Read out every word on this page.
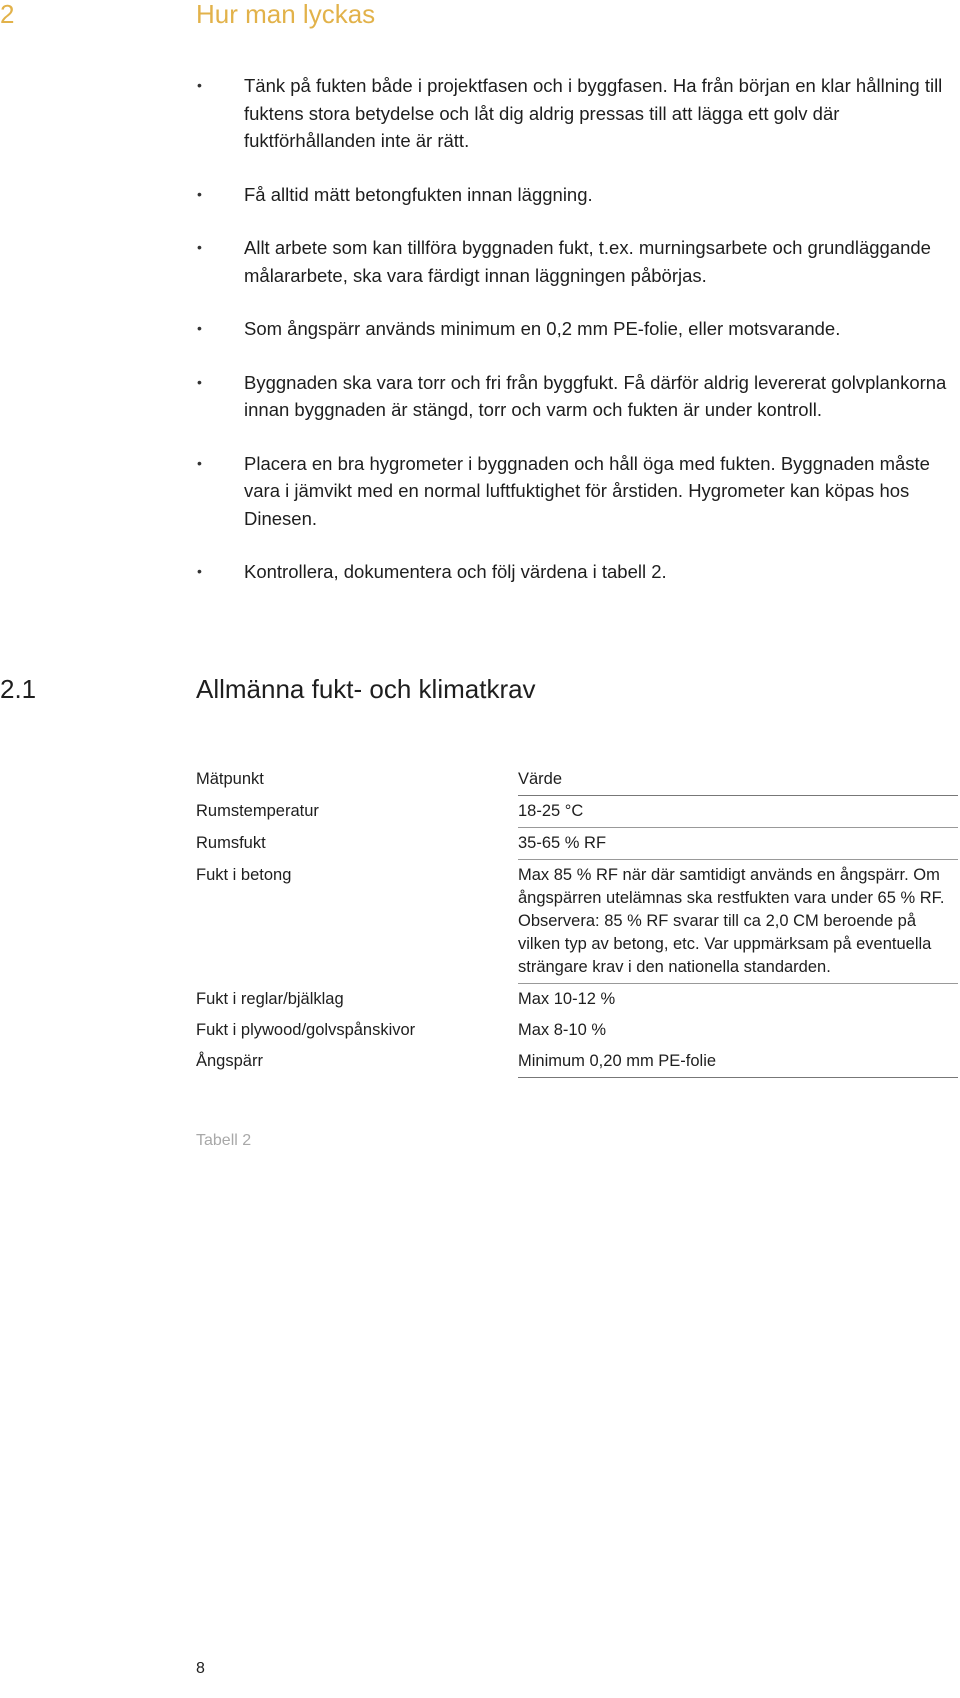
2	Hur man lyckas
• Tänk på fukten både i projektfasen och i byggfasen. Ha från början en klar hållning till fuktens stora betydelse och låt dig aldrig pressas till att lägga ett golv där fuktförhållanden inte är rätt.
• Få alltid mätt betongfukten innan läggning.
• Allt arbete som kan tillföra byggnaden fukt, t.ex. murningsarbete och grundläggande målararbete, ska vara färdigt innan läggningen påbörjas.
• Som ångspärr används minimum en 0,2 mm PE-folie, eller motsvarande.
• Byggnaden ska vara torr och fri från byggfukt. Få därför aldrig levererat golvplankorna innan byggnaden är stängd, torr och varm och fukten är under kontroll.
• Placera en bra hygrometer i byggnaden och håll öga med fukten. Byggnaden måste vara i jämvikt med en normal luftfuktighet för årstiden. Hygrometer kan köpas hos Dinesen.
• Kontrollera, dokumentera och följ värdena i tabell 2.
2.1	Allmänna fukt- och klimatkrav
Mätpunkt	Värde
Rumstemperatur	18-25 °C
Rumsfukt	35-65 % RF
Fukt i betong	Max 85 % RF när där samtidigt används en ångspärr. Om ångspärren utelämnas ska restfukten vara under 65 % RF. Observera: 85 % RF svarar till ca 2,0 CM beroende på vilken typ av betong, etc. Var uppmärksam på eventuella strängare krav i den nationella standarden.
Fukt i reglar/bjälklag	Max 10-12 %
Fukt i plywood/golvspånskivor	Max 8-10 %
Ångspärr	Minimum 0,20 mm PE-folie
Tabell 2
8
